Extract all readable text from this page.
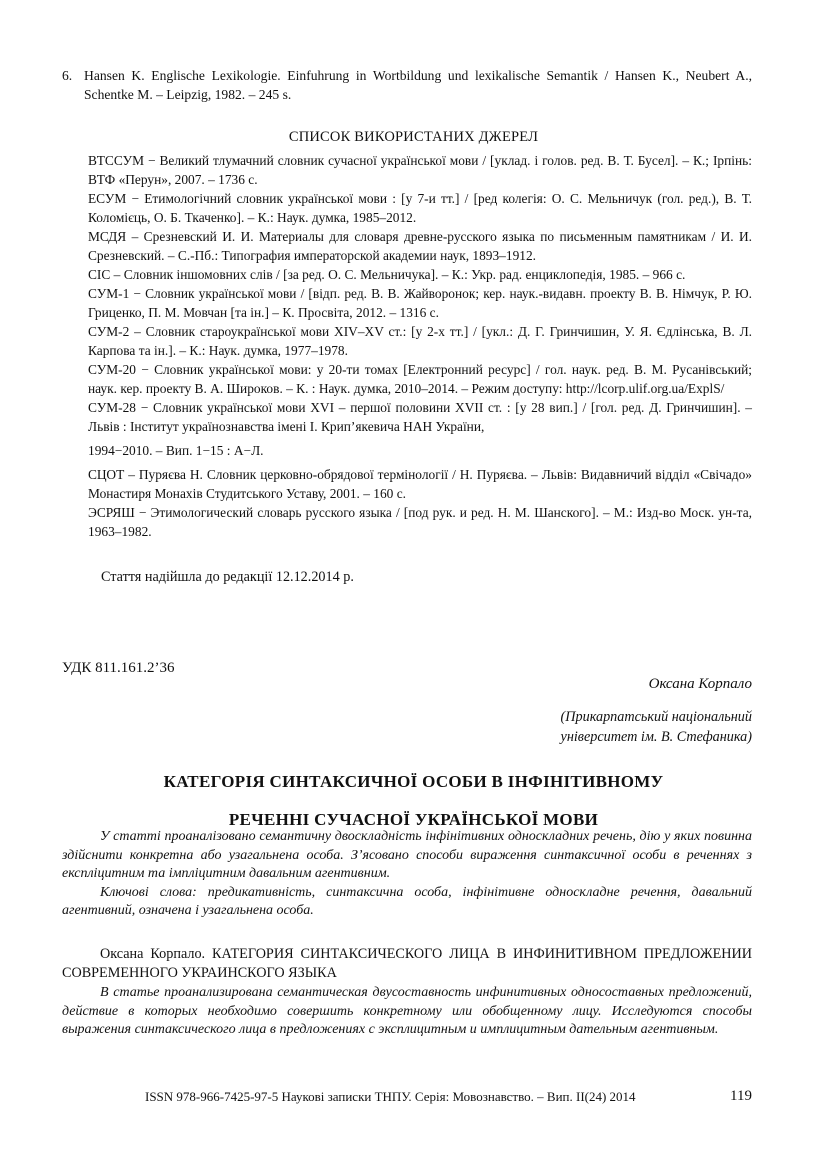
6. Hansen K. Englische Lexikologie. Einfuhrung in Wortbildung und lexikalische Semantik / Hansen K., Neubert A., Schentke M. – Leipzig, 1982. – 245 s.
СПИСОК ВИКОРИСТАНИХ ДЖЕРЕЛ

ВТССУМ − Великий тлумачний словник сучасної української мови / [уклад. і голов. ред. В. Т. Бусел]. – К.; Ірпінь: ВТФ «Перун», 2007. – 1736 с.

ЕСУМ − Етимологічний словник української мови : [у 7-и тт.] / [ред колегія: О. С. Мельничук (гол. ред.), В. Т. Коломієць, О. Б. Ткаченко]. – К.: Наук. думка, 1985–2012.

МСДЯ – Срезневский И. И. Материалы для словаря древне-русского языка по письменным памятникам / И. И. Срезневский. – С.-Пб.: Типография императорской академии наук, 1893–1912.

СІС – Словник іншомовних слів / [за ред. О. С. Мельничука]. – К.: Укр. рад. енциклопедія, 1985. – 966 с.

СУМ-1 − Словник української мови / [відп. ред. В. В. Жайворонок; кер. наук.-видавн. проекту В. В. Німчук, Р. Ю. Гриценко, П. М. Мовчан [та ін.] – К. Просвіта, 2012. – 1316 с.

СУМ-2 – Словник староукраїнської мови XIV–XV ст.: [у 2-х тт.] / [укл.: Д. Г. Гринчишин, У. Я. Єдлінська, В. Л. Карпова та ін.]. – К.: Наук. думка, 1977–1978.

СУМ-20 − Словник української мови: у 20-ти томах [Електронний ресурс] / гол. наук. ред. В. М. Русанівський; наук. кер. проекту В. А. Широков. – К. : Наук. думка, 2010–2014. – Режим доступу: http://lcorp.ulif.org.ua/ExplS/

СУМ-28 − Словник української мови XVI – першої половини XVII ст. : [у 28 вип.] / [гол. ред. Д. Гринчишин]. – Львів : Інститут українознавства імені І. Крип’якевича НАН України,
1994−2010. – Вип. 1−15 : А−Л.

СЦОТ – Пуряєва Н. Словник церковно-обрядової термінології / Н. Пуряєва. – Львів: Видавничий відділ «Свічадо» Монастиря Монахів Студитського Уставу, 2001. – 160 с.

ЭСРЯШ − Этимологический словарь русского языка / [под рук. и ред. Н. М. Шанского]. – М.: Изд-во Моск. ун-та, 1963–1982.

Стаття надійшла до редакції 12.12.2014 р.
УДК 811.161.2’36
Оксана Корпало
(Прикарпатський національний
університет ім. В. Стефаника)
КАТЕГОРІЯ СИНТАКСИЧНОЇ ОСОБИ В ІНФІНІТИВНОМУ
РЕЧЕННІ СУЧАСНОЇ УКРАЇНСЬКОЇ МОВИ

У статті проаналізовано семантичну двоскладність інфінітивних односкладних речень, дію у яких повинна здійснити конкретна або узагальнена особа. З’ясовано способи вираження синтаксичної особи в реченнях з експліцитним та імпліцитним давальним агентивним.

Ключові слова: предикативність, синтаксична особа, інфінітивне односкладне речення, давальний агентивний, означена і узагальнена особа.

Оксана Корпало. КАТЕГОРИЯ СИНТАКСИЧЕСКОГО ЛИЦА В ИНФИНИТИВНОМ ПРЕДЛОЖЕНИИ СОВРЕМЕННОГО УКРАИНСКОГО ЯЗЫКА

В статье проанализирована семантическая двусоставность инфинитивных односоставных предложений, действие в которых необходимо совершить конкретному или обобщенному лицу. Исследуются способы выражения синтаксического лица в предложениях с эксплицитным и имплицитным дательным агентивным.

ISSN 978-966-7425-97-5 Наукові записки ТНПУ. Серія: Мовознавство. – Вип. ІІ(24) 2014	119
